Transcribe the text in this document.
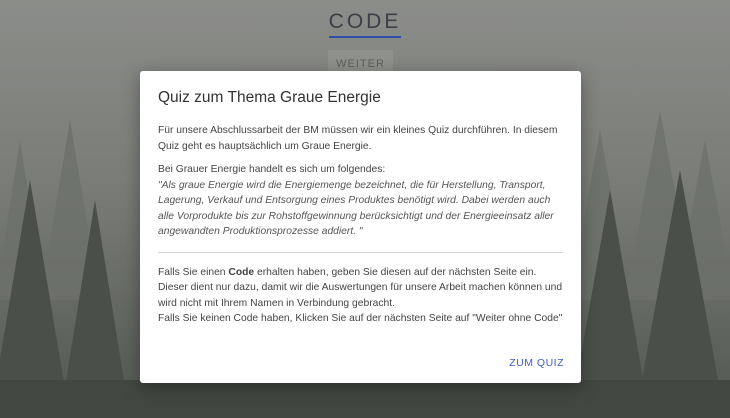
CODE
WEITER
Quiz zum Thema Graue Energie

Für unsere Abschlussarbeit der BM müssen wir ein kleines Quiz durchführen. In diesem Quiz geht es hauptsächlich um Graue Energie.

Bei Grauer Energie handelt es sich um folgendes:

"Als graue Energie wird die Energiemenge bezeichnet, die für Herstellung, Transport, Lagerung, Verkauf und Entsorgung eines Produktes benötigt wird. Dabei werden auch alle Vorprodukte bis zur Rohstoffgewinnung berücksichtigt und der Energieeinsatz aller angewandten Produktionsprozesse addiert. "

Falls Sie einen Code erhalten haben, geben Sie diesen auf der nächsten Seite ein. Dieser dient nur dazu, damit wir die Auswertungen für unsere Arbeit machen können und wird nicht mit Ihrem Namen in Verbindung gebracht.

Falls Sie keinen Code haben, Klicken Sie auf der nächsten Seite auf "Weiter ohne Code"

ZUM QUIZ
